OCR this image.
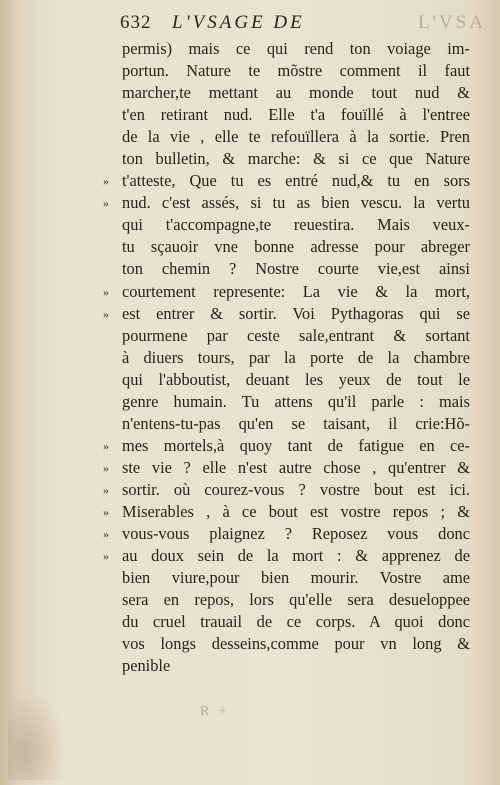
632 L'VSAGE DE	L'VSA
permis) mais ce qui rend ton voiage im-
portun. Nature te mõstre comment il faut
marcher,te mettant au monde tout nud &
t'en retirant nud. Elle t'a fouïllé à l'entree
de la vie , elle te refouïllera à la sortie. Pren
ton bulletin, & marche: & si ce que Nature
» t'atteste, Que tu es entré nud,& tu en sors
» nud. c'est assés, si tu as bien vescu. la vertu
qui t'accompagne,te reuestira. Mais veux-
tu sçauoir vne bonne adresse pour abreger
ton chemin ? Nostre courte vie,est ainsi
» courtement represente: La vie & la mort,
» est entrer & sortir. Voi Pythagoras qui se
pourmene par ceste sale,entrant & sortant
à diuers tours, par la porte de la chambre
qui l'abboutist, deuant les yeux de tout le
genre humain. Tu attens qu'il parle : mais
n'entens-tu-pas qu'en se taisant, il crie:Hõ-
» mes mortels,à quoy tant de fatigue en ce-
» ste vie ? elle n'est autre chose , qu'entrer &
» sortir. où courez-vous ? vostre bout est ici.
» Miserables , à ce bout est vostre repos ; &
» vous-vous plaignez ? Reposez vous donc
» au doux sein de la mort : & apprenez de
bien viure,pour bien mourir. Vostre ame
sera en repos, lors qu'elle sera desueloppee
du cruel trauail de ce corps. A quoi donc
vos longs desseins,comme pour vn long &
penible
R +
